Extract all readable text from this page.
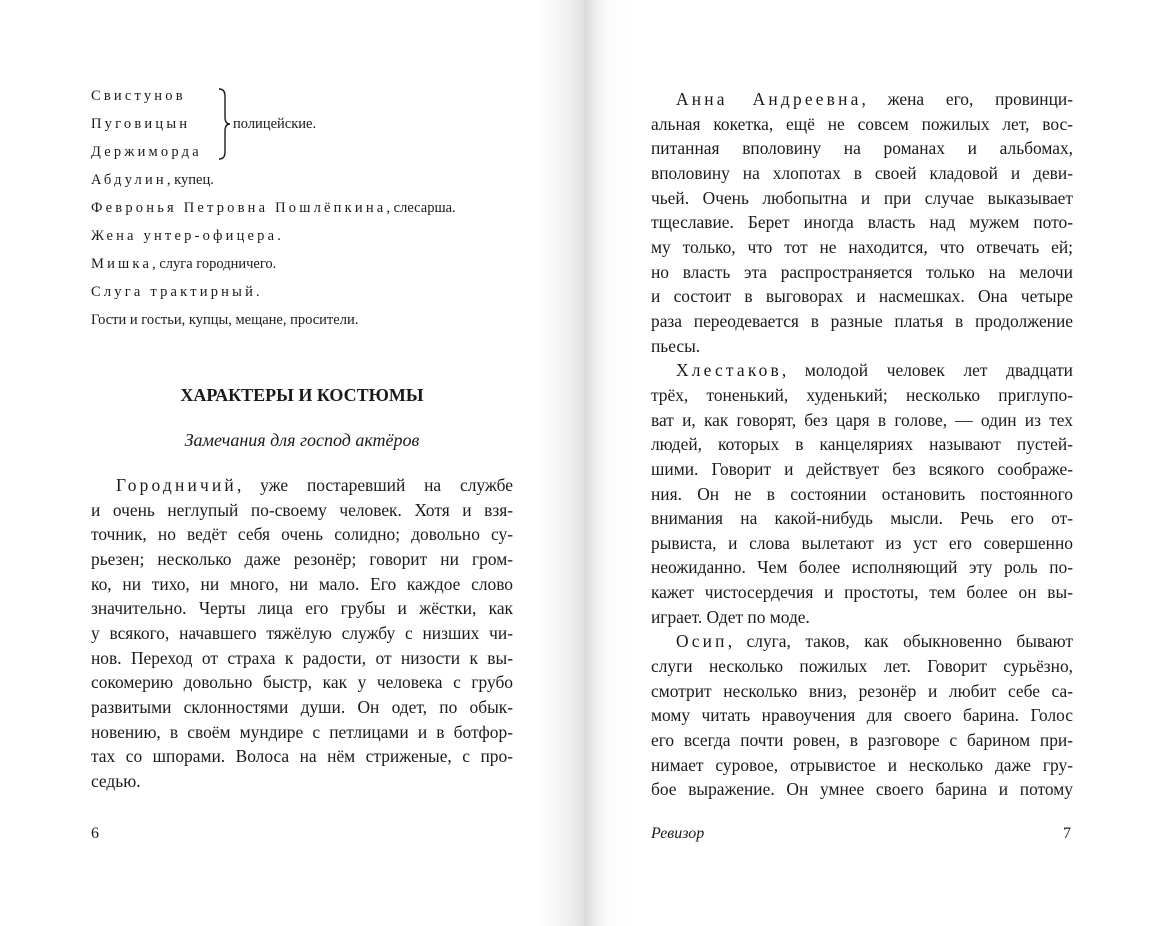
Свистунов
Пуговицын
Держиморда
полицейские.
Абдулин, купец.
Февронья Петровна Пошлёпкина, слесарша.
Жена унтер-офицера.
Мишка, слуга городничего.
Слуга трактирный.
Гости и гостьи, купцы, мещане, просители.
ХАРАКТЕРЫ И КОСТЮМЫ
Замечания для господ актёров
Городничий, уже постаревший на службе
и очень неглупый по-своему человек. Хотя и взя-
точник, но ведёт себя очень солидно; довольно су-
рьезен; несколько даже резонёр; говорит ни гром-
ко, ни тихо, ни много, ни мало. Его каждое слово
значительно. Черты лица его грубы и жёстки, как
у всякого, начавшего тяжёлую службу с низших чи-
нов. Переход от страха к радости, от низости к вы-
сокомерию довольно быстр, как у человека с грубо
развитыми склонностями души. Он одет, по обык-
новению, в своём мундире с петлицами и в ботфор-
тах со шпорами. Волоса на нём стриженые, с про-
седью.
6
Анна Андреевна, жена его, провинци-
альная кокетка, ещё не совсем пожилых лет, вос-
питанная вполовину на романах и альбомах,
вполовину на хлопотах в своей кладовой и деви-
чьей. Очень любопытна и при случае выказывает
тщеславие. Берет иногда власть над мужем пото-
му только, что тот не находится, что отвечать ей;
но власть эта распространяется только на мелочи
и состоит в выговорах и насмешках. Она четыре
раза переодевается в разные платья в продолжение
пьесы.
Хлестаков, молодой человек лет двадцати
трёх, тоненький, худенький; несколько приглупо-
ват и, как говорят, без царя в голове, — один из тех
людей, которых в канцеляриях называют пустей-
шими. Говорит и действует без всякого соображе-
ния. Он не в состоянии остановить постоянного
внимания на какой-нибудь мысли. Речь его от-
рывиста, и слова вылетают из уст его совершенно
неожиданно. Чем более исполняющий эту роль по-
кажет чистосердечия и простоты, тем более он вы-
играет. Одет по моде.
Осип, слуга, таков, как обыкновенно бывают
слуги несколько пожилых лет. Говорит сурьёзно,
смотрит несколько вниз, резонёр и любит себе са-
мому читать нравоучения для своего барина. Голос
его всегда почти ровен, в разговоре с барином при-
нимает суровое, отрывистое и несколько даже гру-
бое выражение. Он умнее своего барина и потому
Ревизор	7
